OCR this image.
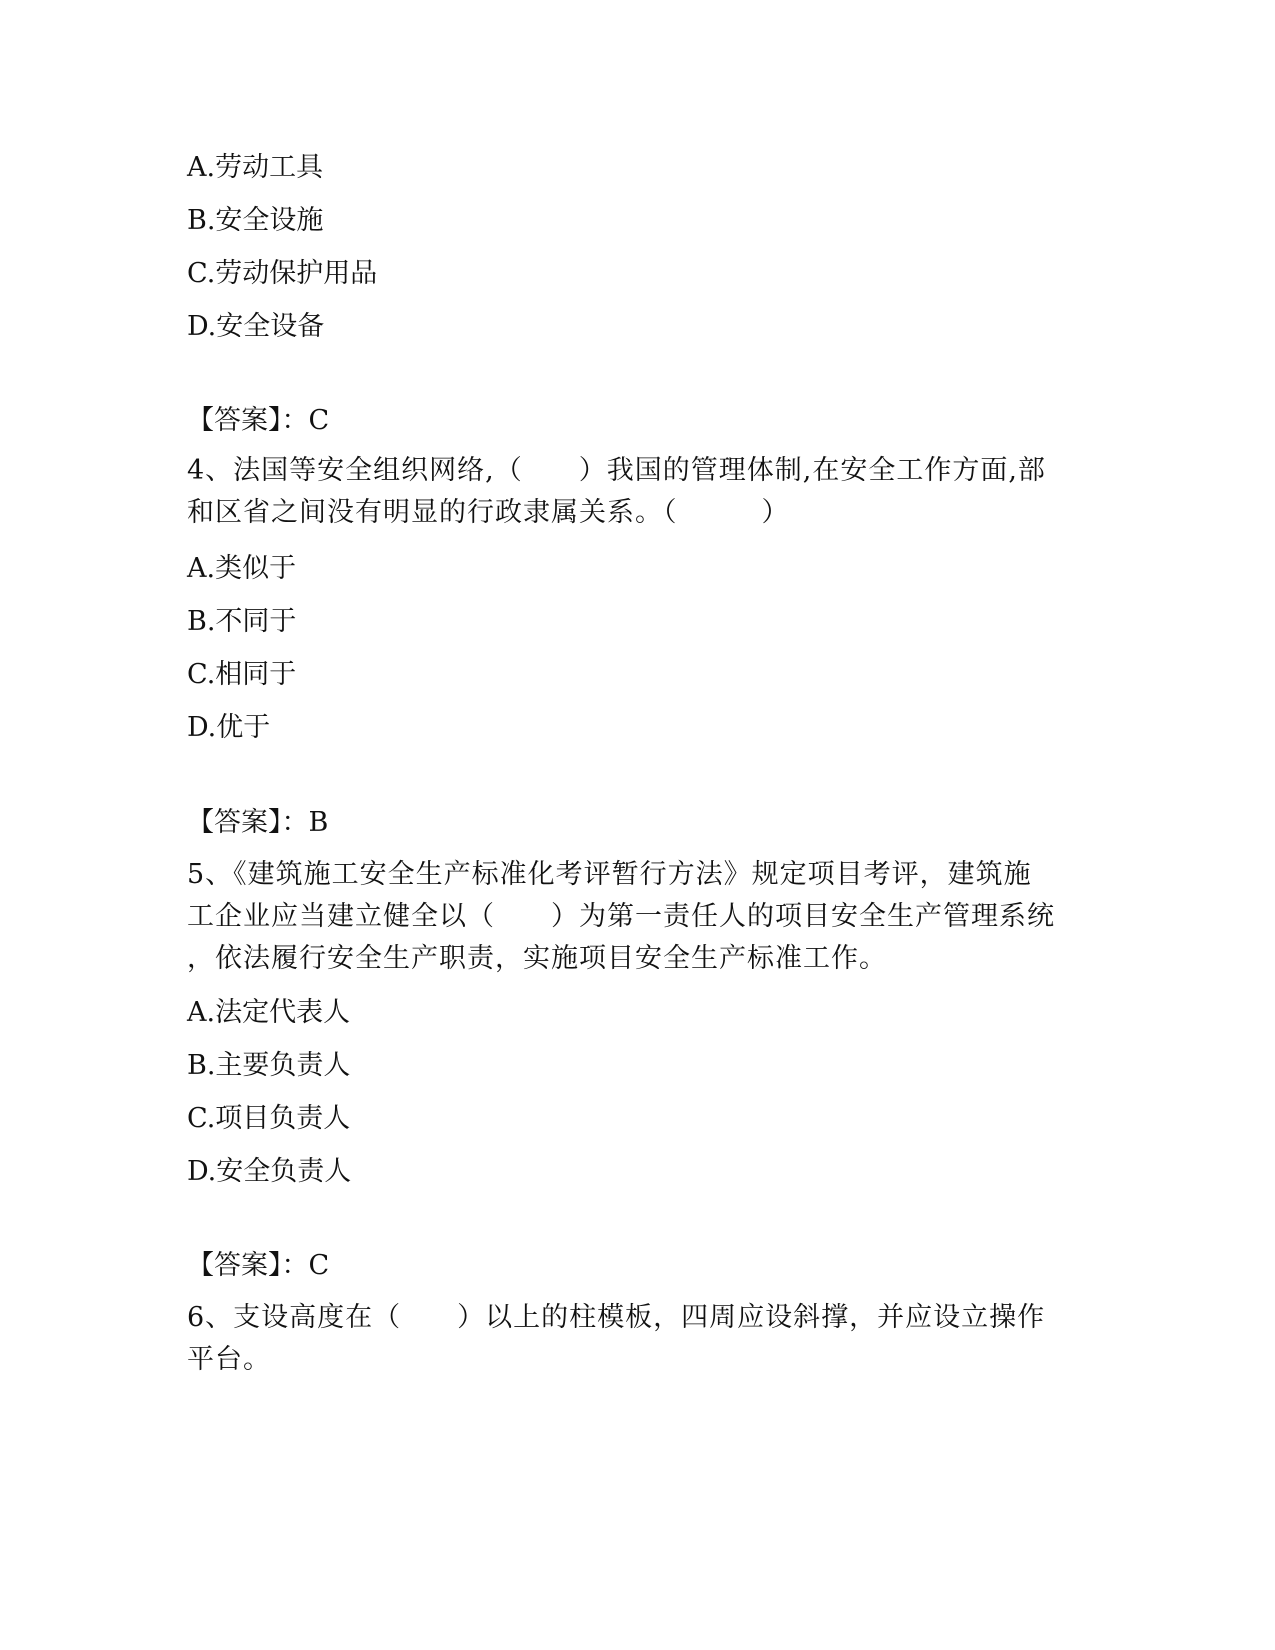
A.劳动工具
B.安全设施
C.劳动保护用品
D.安全设备
【答案】：C
4、法国等安全组织网络,（　　）我国的管理体制,在安全工作方面,部
和区省之间没有明显的行政隶属关系。（　　　）
A.类似于
B.不同于
C.相同于
D.优于
【答案】：B
5、《建筑施工安全生产标准化考评暂行方法》规定项目考评，建筑施
工企业应当建立健全以（　　）为第一责任人的项目安全生产管理系统
，依法履行安全生产职责，实施项目安全生产标准工作。
A.法定代表人
B.主要负责人
C.项目负责人
D.安全负责人
【答案】：C
6、支设高度在（　　）以上的柱模板，四周应设斜撑，并应设立操作
平台。
